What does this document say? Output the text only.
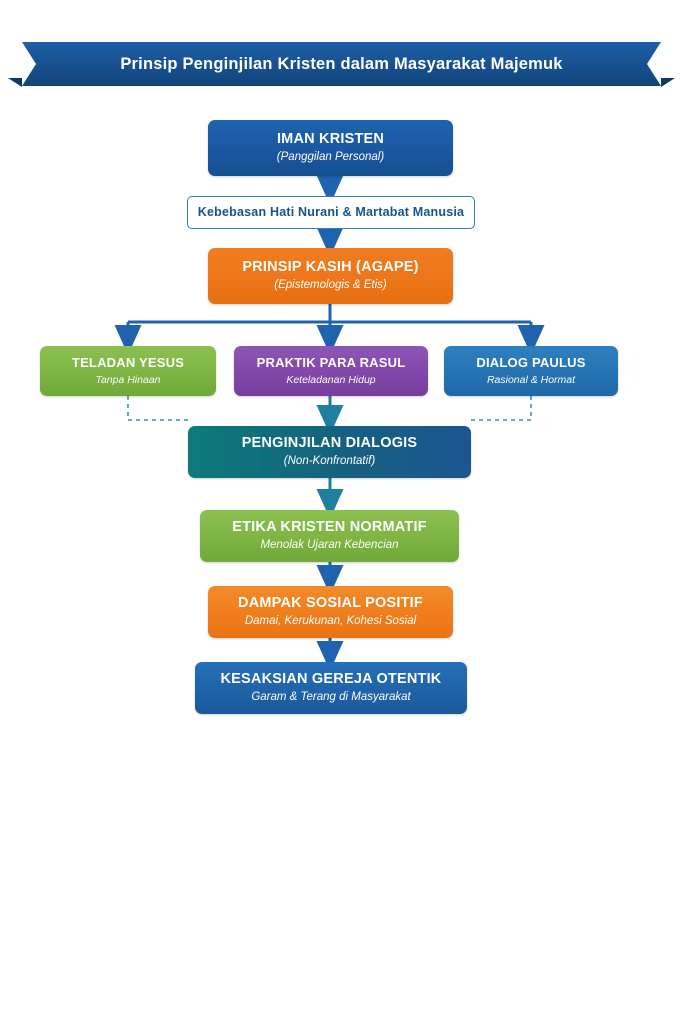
Prinsip Penginjilan Kristen dalam Masyarakat Majemuk
IMAN KRISTEN
(Panggilan Personal)
Kebebasan Hati Nurani & Martabat Manusia
PRINSIP KASIH (AGAPE)
(Epistemologis & Etis)
TELADAN YESUS
Tanpa Hinaan
PRAKTIK PARA RASUL
Keteladanan Hidup
DIALOG PAULUS
Rasional & Hormat
PENGINJILAN DIALOGIS
(Non-Konfrontatif)
ETIKA KRISTEN NORMATIF
Menolak Ujaran Kebencian
DAMPAK SOSIAL POSITIF
Damai, Kerukunan, Kohesi Sosial
KESAKSIAN GEREJA OTENTIK
Garam & Terang di Masyarakat
